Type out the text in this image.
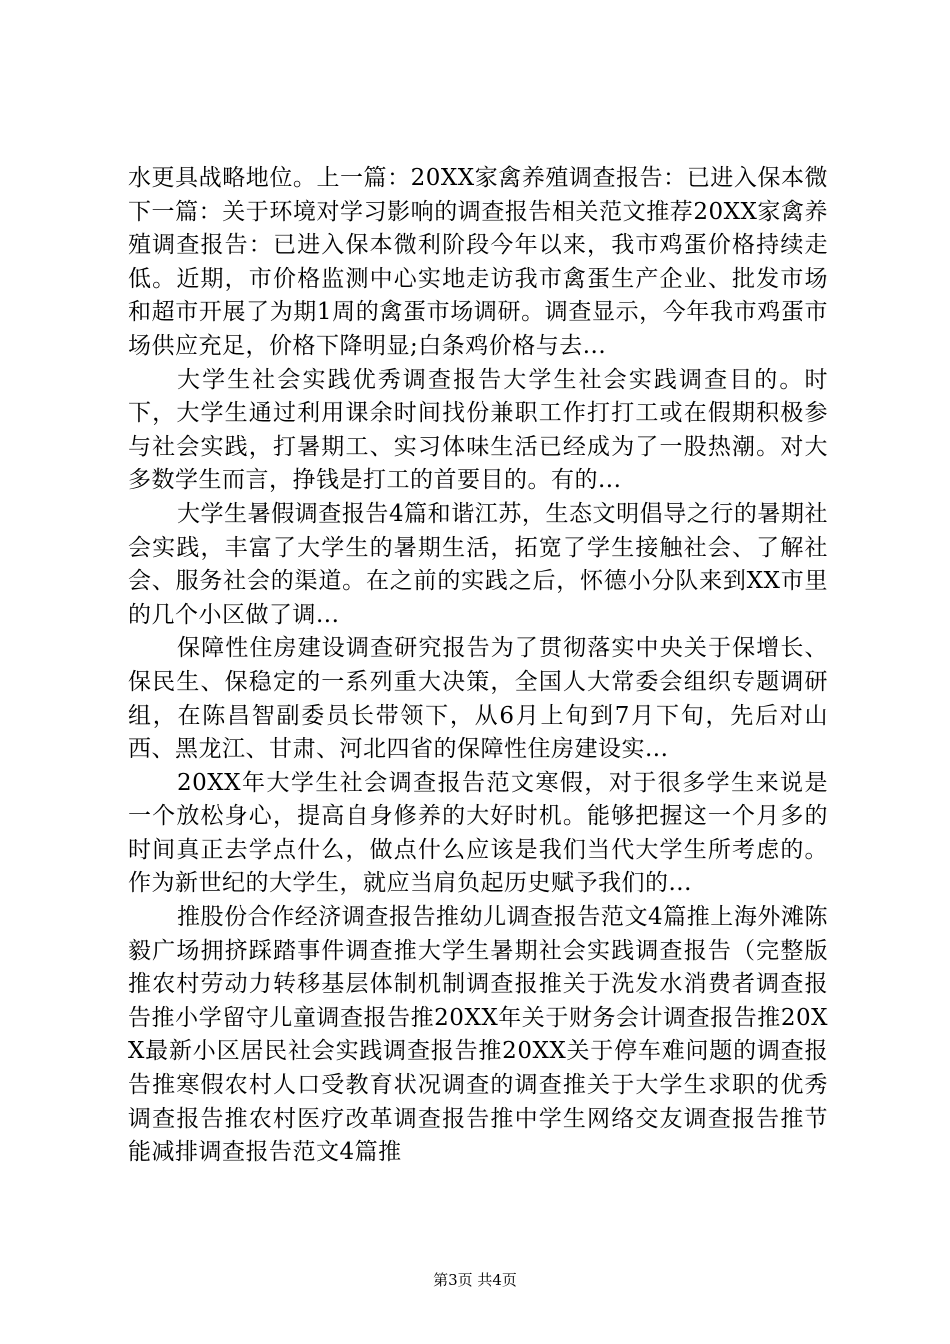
水更具战略地位。上一篇：20XX家禽养殖调查报告：已进入保本微下一篇：关于环境对学习影响的调查报告相关范文推荐20XX家禽养殖调查报告：已进入保本微利阶段今年以来，我市鸡蛋价格持续走低。近期，市价格监测中心实地走访我市禽蛋生产企业、批发市场和超市开展了为期1周的禽蛋市场调研。调查显示，今年我市鸡蛋市场供应充足，价格下降明显;白条鸡价格与去...

大学生社会实践优秀调查报告大学生社会实践调查目的。时下，大学生通过利用课余时间找份兼职工作打打工或在假期积极参与社会实践，打暑期工、实习体味生活已经成为了一股热潮。对大多数学生而言，挣钱是打工的首要目的。有的...

大学生暑假调查报告4篇和谐江苏，生态文明倡导之行的暑期社会实践，丰富了大学生的暑期生活，拓宽了学生接触社会、了解社会、服务社会的渠道。在之前的实践之后，怀德小分队来到XX市里的几个小区做了调...

保障性住房建设调查研究报告为了贯彻落实中央关于保增长、保民生、保稳定的一系列重大决策，全国人大常委会组织专题调研组，在陈昌智副委员长带领下，从6月上旬到7月下旬，先后对山西、黑龙江、甘肃、河北四省的保障性住房建设实...

20XX年大学生社会调查报告范文寒假，对于很多学生来说是一个放松身心，提高自身修养的大好时机。能够把握这一个月多的时间真正去学点什么，做点什么应该是我们当代大学生所考虑的。作为新世纪的大学生，就应当肩负起历史赋予我们的...

推股份合作经济调查报告推幼儿调查报告范文4篇推上海外滩陈毅广场拥挤踩踏事件调查推大学生暑期社会实践调查报告（完整版推农村劳动力转移基层体制机制调查报推关于洗发水消费者调查报告推小学留守儿童调查报告推20XX年关于财务会计调查报告推20XX最新小区居民社会实践调查报告推20XX关于停车难问题的调查报告推寒假农村人口受教育状况调查的调查推关于大学生求职的优秀调查报告推农村医疗改革调查报告推中学生网络交友调查报告推节能减排调查报告范文4篇推

第3页 共4页
